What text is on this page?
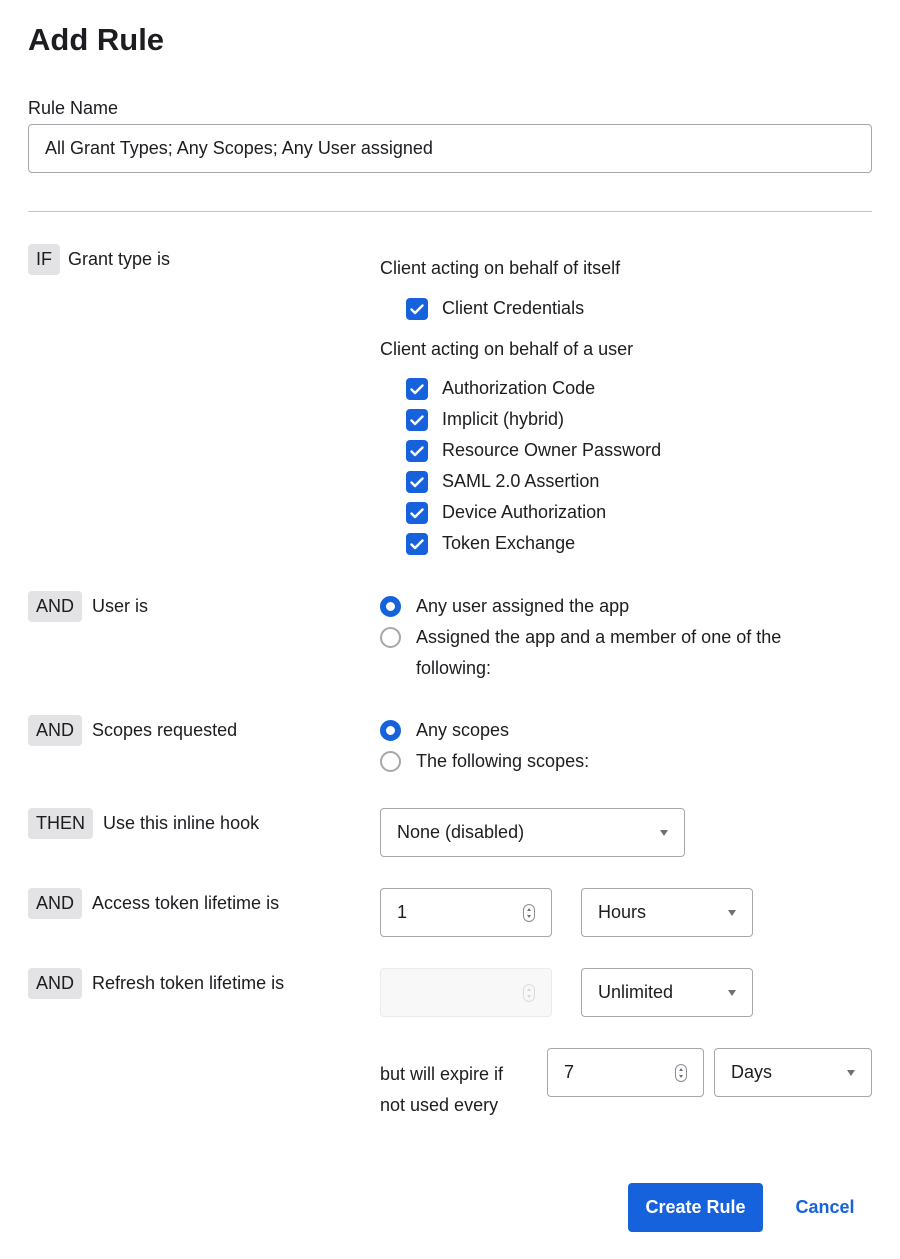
Add Rule
Rule Name
All Grant Types; Any Scopes; Any User assigned
IF Grant type is	Client acting on behalf of itself
Client Credentials
Client acting on behalf of a user
Authorization Code
Implicit (hybrid)
Resource Owner Password
SAML 2.0 Assertion
Device Authorization
Token Exchange
AND User is	Any user assigned the app
Assigned the app and a member of one of the
following:
AND Scopes requested	Any scopes
The following scopes:
THEN	Use this inline hook	None (disabled)
AND Access token lifetime is	1	Hours
AND Refresh token lifetime is	Unlimited
but will expire if
not used every
7	Days
Create Rule	Cancel
